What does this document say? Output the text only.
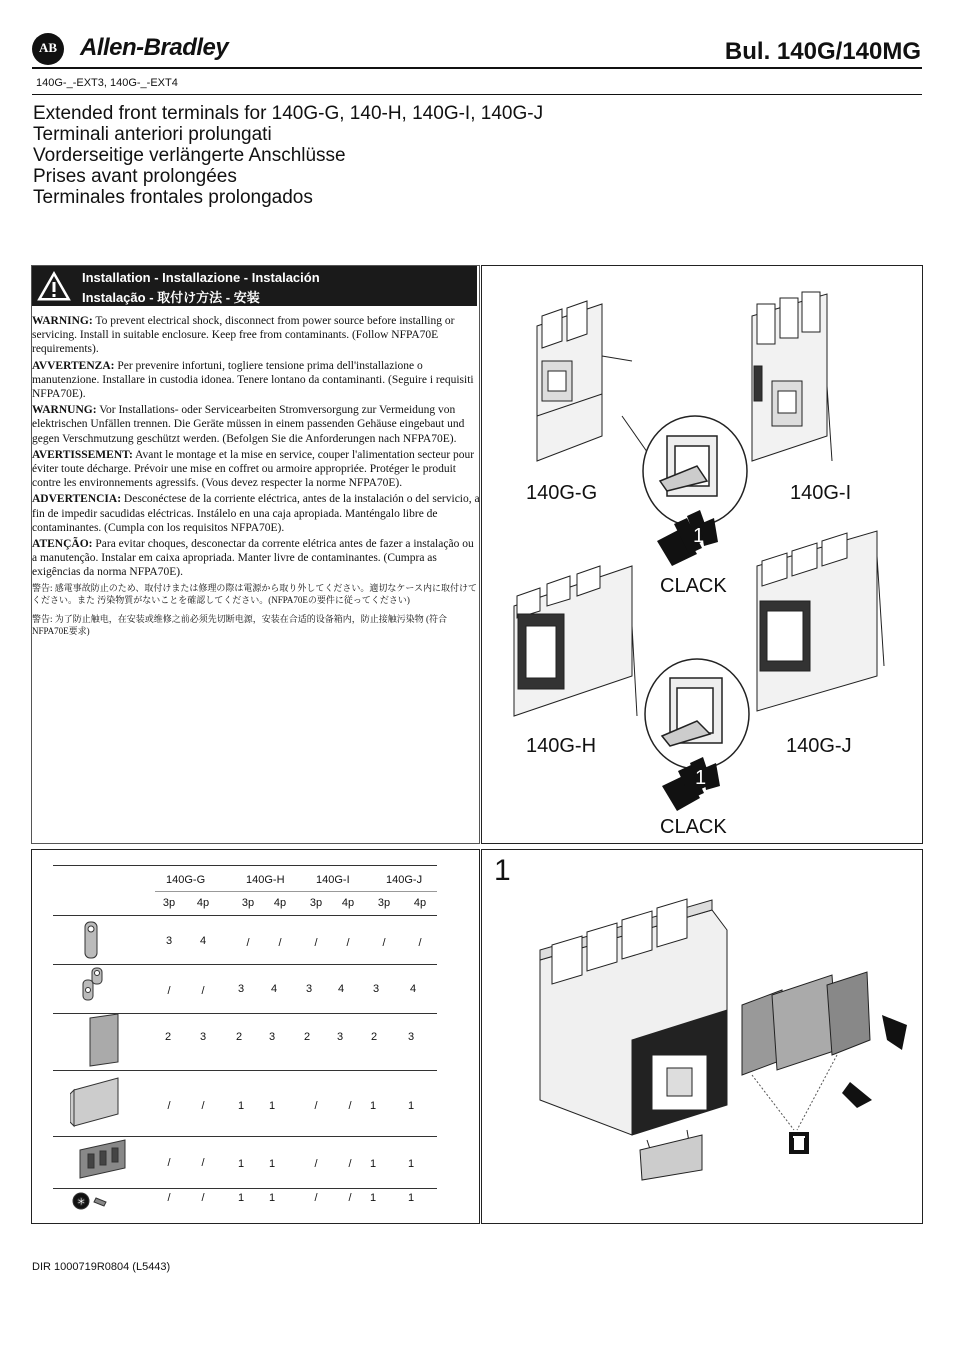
AB Allen-Bradley	Bul. 140G/140MG
140G-_-EXT3, 140G-_-EXT4
Extended front terminals for 140G-G, 140-H, 140G-I, 140G-J
Terminali anteriori prolungati
Vorderseitige verlängerte Anschlüsse
Prises avant prolongées
Terminales frontales prolongados
Installation - Installazione - Instalación
Instalação - 取付け方法 - 安装

WARNING: To prevent electrical shock, disconnect from power source before installing or servicing. Install in suitable enclosure. Keep free from contaminants. (Follow NFPA70E requirements).

AVVERTENZA: Per prevenire infortuni, togliere tensione prima dell'installazione o manutenzione. Installare in custodia idonea. Tenere lontano da contaminanti. (Seguire i requisiti NFPA70E).

WARNUNG: Vor Installations- oder Servicearbeiten Stromversorgung zur Vermeidung von elektrischen Unfällen trennen. Die Geräte müssen in einem passenden Gehäuse eingebaut und gegen Verschmutzung geschützt werden. (Befolgen Sie die Anforderungen nach NFPA70E).

AVERTISSEMENT: Avant le montage et la mise en service, couper l'alimentation secteur pour éviter toute décharge. Prévoir une mise en coffret ou armoire appropriée. Protéger le produit contre les environnements agressifs. (Vous devez respecter la norme NFPA70E).

ADVERTENCIA: Desconéctese de la corriente eléctrica, antes de la instalación o del servicio, a fin de impedir sacudidas eléctricas. Instálelo en una caja apropiada. Manténgalo libre de contaminantes. (Cumpla con los requisitos NFPA70E).

ATENÇÃO: Para evitar choques, desconectar da corrente elétrica antes de fazer a instalação ou a manutenção. Instalar em caixa apropriada. Manter livre de contaminantes. (Cumpra as exigências da norma NFPA70E).

警告: 感電事故防止のため、取付けまたは修理の際は電源から取り外してください。適切なケース内に取付けてください。また 汚染物質がないことを確認してください。(NFPA70Eの要件に従ってください)

警告: 为了防止触电，在安装或维修之前必须先切断电源，安装在合适的设备箱内，防止接触污染物 (符合NFPA70E要求)

1
1
140G-G	140G-I
CLACK
140G-H	140G-J
CLACK
140G-G	140G-H	140G-I	140G-J
3p	4p	3p	4p	3p	4p	3p	4p
✱
3	4	/	/	/	/	/	/
/	/	3	4	3	4	3	4
2	3	2	3	2	3	2	3
/	/	1	1	/	/	1	1
/	/	1	1	/	/	1	1
/	/	1	1	/	/	1	1
1
DIR 1000719R0804 (L5443)
